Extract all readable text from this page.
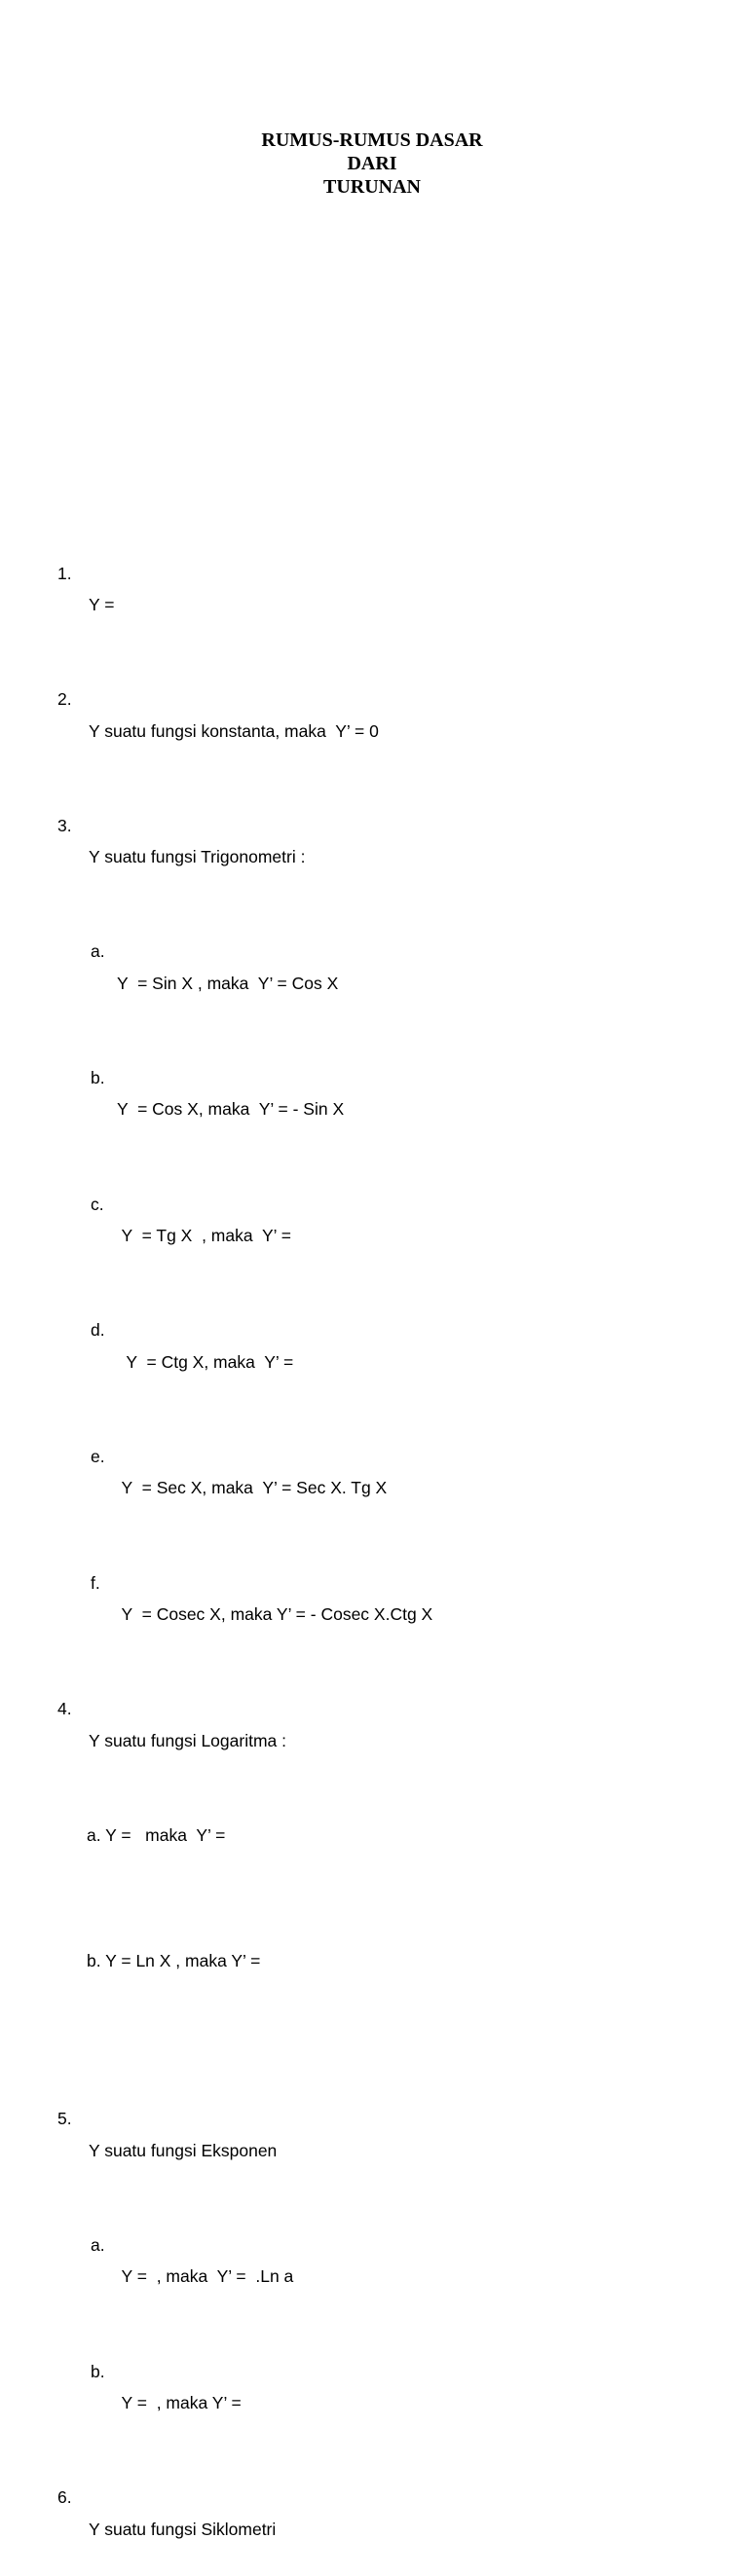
RUMUS-RUMUS DASAR
DARI
TURUNAN

1.

Y =

2.

Y suatu fungsi konstanta, maka  Y’ = 0

3.

Y suatu fungsi Trigonometri :

a.

Y  = Sin X , maka  Y’ = Cos X

b.

Y  = Cos X, maka  Y’ = - Sin X

c.

Y  = Tg X  , maka  Y’ =

d.

Y  = Ctg X, maka  Y’ =

e.

Y  = Sec X, maka  Y’ = Sec X. Tg X

f.

Y  = Cosec X, maka Y’ = - Cosec X.Ctg X

4.

Y suatu fungsi Logaritma :

a. Y =   maka  Y’ =

b. Y = Ln X , maka Y’ =

5.

Y suatu fungsi Eksponen

a.

Y =  , maka  Y’ =  .Ln a

b.

Y =  , maka Y’ =

6.

Y suatu fungsi Siklometri
